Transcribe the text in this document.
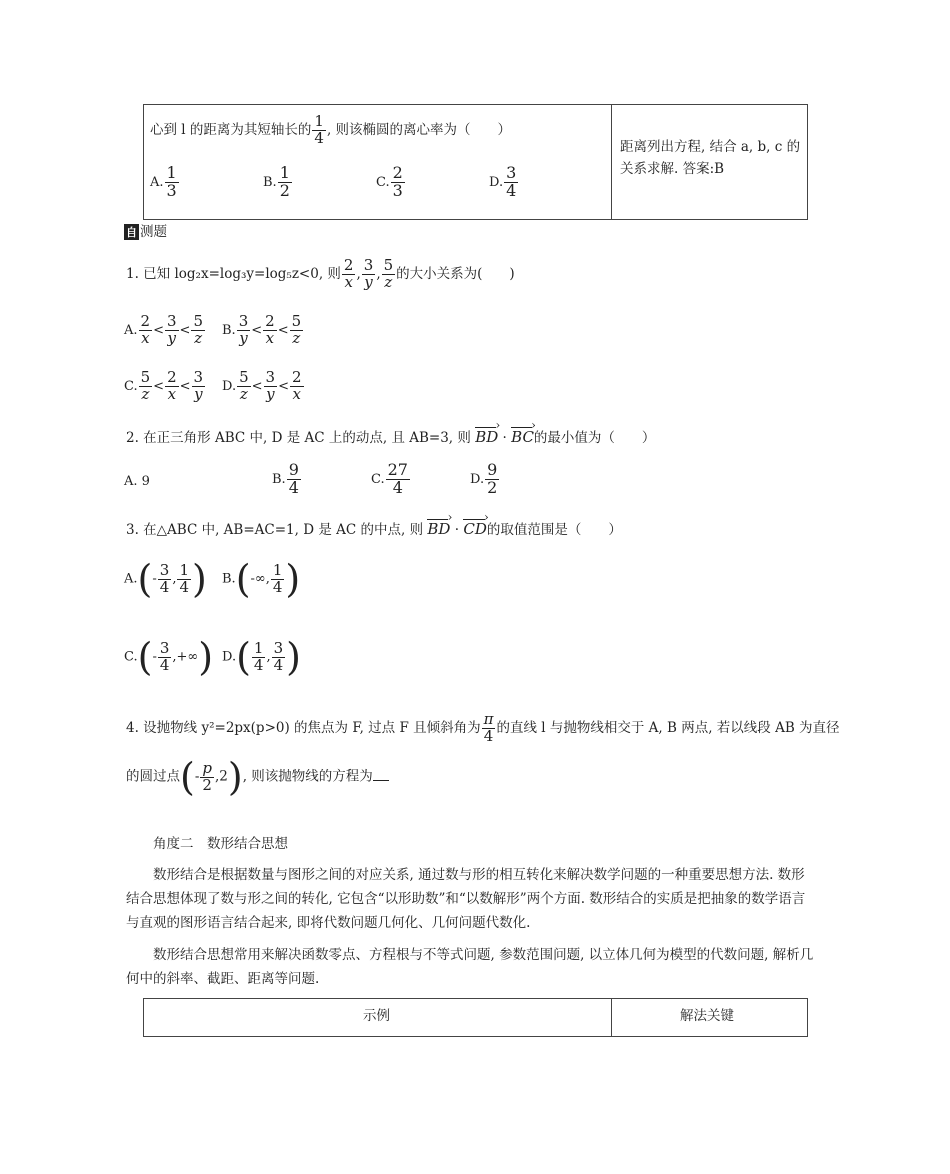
心到 l 的距离为其短轴长的 $\frac{1}{4}$ , 则该椭圆的离心率为（　　）
A. $\frac{1}{3}$	B. $\frac{1}{2}$	C. $\frac{2}{3}$	D. $\frac{3}{4}$
距离列出方程, 结合 a, b, c 的
关系求解. 答案:B
自 测题
1. 已知 log₂x=log₃y=log₅z<0, 则 $\frac{2}{x}$ , $\frac{3}{y}$ , $\frac{5}{z}$ 的大小关系为(　　)
A. $\frac{2}{x} < \frac{3}{y} < \frac{5}{z} B$. $\frac{3}{y} < \frac{2}{x} < \frac{5}{z}$
C. $\frac{5}{z} < \frac{2}{x} < \frac{3}{y} D$. $\frac{5}{z} < \frac{3}{y} < \frac{2}{x}$
2. 在正三角形 ABC 中, D 是 AC 上的动点, 且 AB=3, 则 BD › · BC ›的最小值为（　　）
A. 9	B. $\frac{9}{4}$	C. $\frac{27}{4}$	D. $\frac{9}{2}$
3. 在△ABC 中, AB=AC=1, D 是 AC 的中点, 则 BD › · CD ›的取值范围是（　　）
$A.(- \frac{3}{4}$ , $\frac{1}{4}$ ) B.(-∞, $\frac{1}{4}$ )
$C.(- \frac{3}{4}$ ,+∞) $D.( \frac{1}{4}$ , $\frac{3}{4}$ )
4. 设抛物线 y²=2px(p>0) 的焦点为 F, 过点 F 且倾斜角为 $\frac{\pi}{4}$ 的直线 l 与抛物线相交于 A, B 两点, 若以线段 AB 为直径
的圆过点(- $\frac{p}{2} ,2$), 则该抛物线的方程为
角度二　数形结合思想
数形结合是根据数量与图形之间的对应关系, 通过数与形的相互转化来解决数学问题的一种重要思想方法. 数形结合思想体现了数与形之间的转化, 它包含“以形助数”和“以数解形”两个方面. 数形结合的实质是把抽象的数学语言与直观的图形语言结合起来, 即将代数问题几何化、几何问题代数化.
数形结合思想常用来解决函数零点、方程根与不等式问题, 参数范围问题, 以立体几何为模型的代数问题, 解析几何中的斜率、截距、距离等问题.
示例	解法关键
